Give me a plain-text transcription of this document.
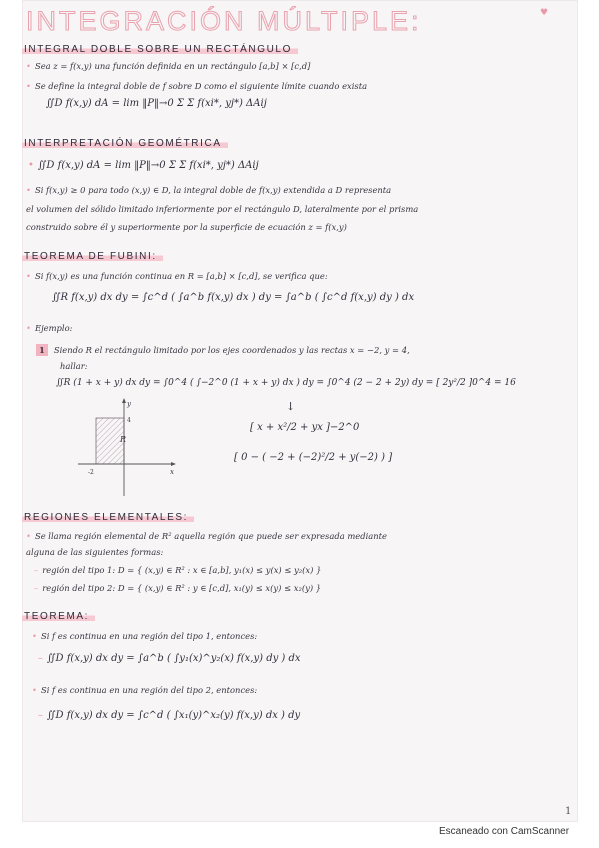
INTEGRACIÓN MÚLTIPLE:	♥
INTEGRAL DOBLE SOBRE UN RECTÁNGULO
• Sea z = f(x,y) una función definida en un rectángulo [a,b] × [c,d]
• Se define la integral doble de f sobre D como el siguiente límite cuando exista
∬D f(x,y) dA = lim ‖P‖→0 Σ Σ f(xi*, yj*) ΔAij
INTERPRETACIÓN GEOMÉTRICA
• ∬D f(x,y) dA = lim ‖P‖→0 Σ Σ f(xi*, yj*) ΔAij
• Si f(x,y) ≥ 0 para todo (x,y) ∈ D, la integral doble de f(x,y) extendida a D representa
el volumen del sólido limitado inferiormente por el rectángulo D, lateralmente por el prisma
construido sobre él y superiormente por la superficie de ecuación z = f(x,y)
TEOREMA DE FUBINI:
• Si f(x,y) es una función continua en R = [a,b] × [c,d], se verifica que:
∬R f(x,y) dx dy = ∫c^d ( ∫a^b f(x,y) dx ) dy = ∫a^b ( ∫c^d f(x,y) dy ) dx
• Ejemplo:
1 Siendo R el rectángulo limitado por los ejes coordenados y las rectas x = −2, y = 4,
hallar:
∬R (1 + x + y) dx dy = ∫0^4 ( ∫−2^0 (1 + x + y) dx ) dy = ∫0^4 (2 − 2 + 2y) dy = [ 2y²/2 ]0^4 = 16
↓
[ x + x²/2 + yx ]−2^0
[ 0 − ( −2 + (−2)²/2 + y(−2) ) ]
R
y
x
4
-2
REGIONES ELEMENTALES:
• Se llama región elemental de R² aquella región que puede ser expresada mediante
alguna de las siguientes formas:
– región del tipo 1: D = { (x,y) ∈ R² : x ∈ [a,b], y₁(x) ≤ y(x) ≤ y₂(x) }
– región del tipo 2: D = { (x,y) ∈ R² : y ∈ [c,d], x₁(y) ≤ x(y) ≤ x₂(y) }
TEOREMA:
• Si f es continua en una región del tipo 1, entonces:
– ∬D f(x,y) dx dy = ∫a^b ( ∫y₁(x)^y₂(x) f(x,y) dy ) dx
• Si f es continua en una región del tipo 2, entonces:
– ∬D f(x,y) dx dy = ∫c^d ( ∫x₁(y)^x₂(y) f(x,y) dx ) dy
1
Escaneado con CamScanner
